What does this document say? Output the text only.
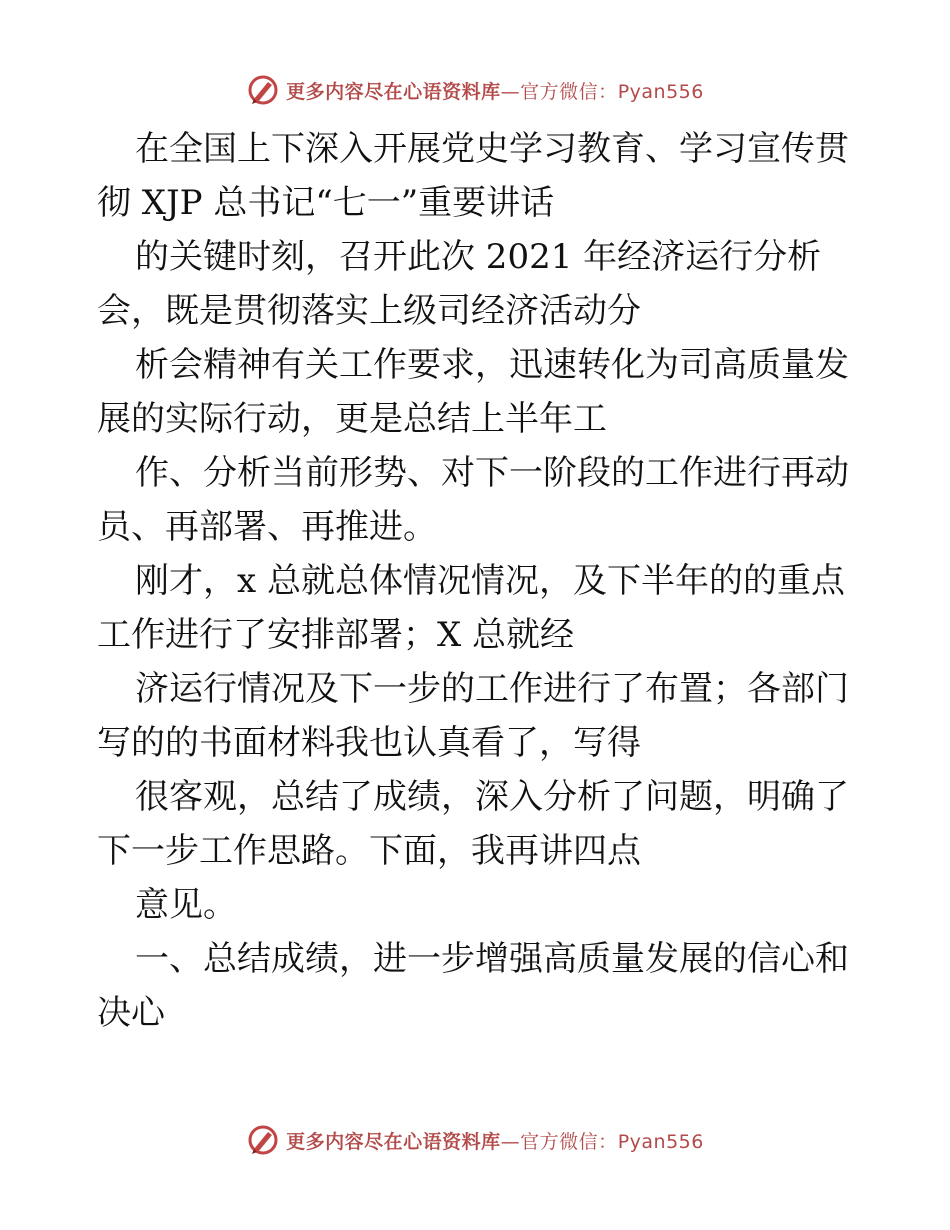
更多内容尽在心语资料库—官方微信：Pyan556
在全国上下深入开展党史学习教育、学习宣传贯
彻 XJP 总书记“七一”重要讲话
的关键时刻，召开此次 2021 年经济运行分析
会，既是贯彻落实上级司经济活动分
析会精神有关工作要求，迅速转化为司高质量发
展的实际行动，更是总结上半年工
作、分析当前形势、对下一阶段的工作进行再动
员、再部署、再推进。
刚才，x 总就总体情况情况，及下半年的的重点
工作进行了安排部署；X 总就经
济运行情况及下一步的工作进行了布置；各部门
写的的书面材料我也认真看了，写得
很客观，总结了成绩，深入分析了问题，明确了
下一步工作思路。下面，我再讲四点
意见。
一、总结成绩，进一步增强高质量发展的信心和
决心
更多内容尽在心语资料库—官方微信：Pyan556
